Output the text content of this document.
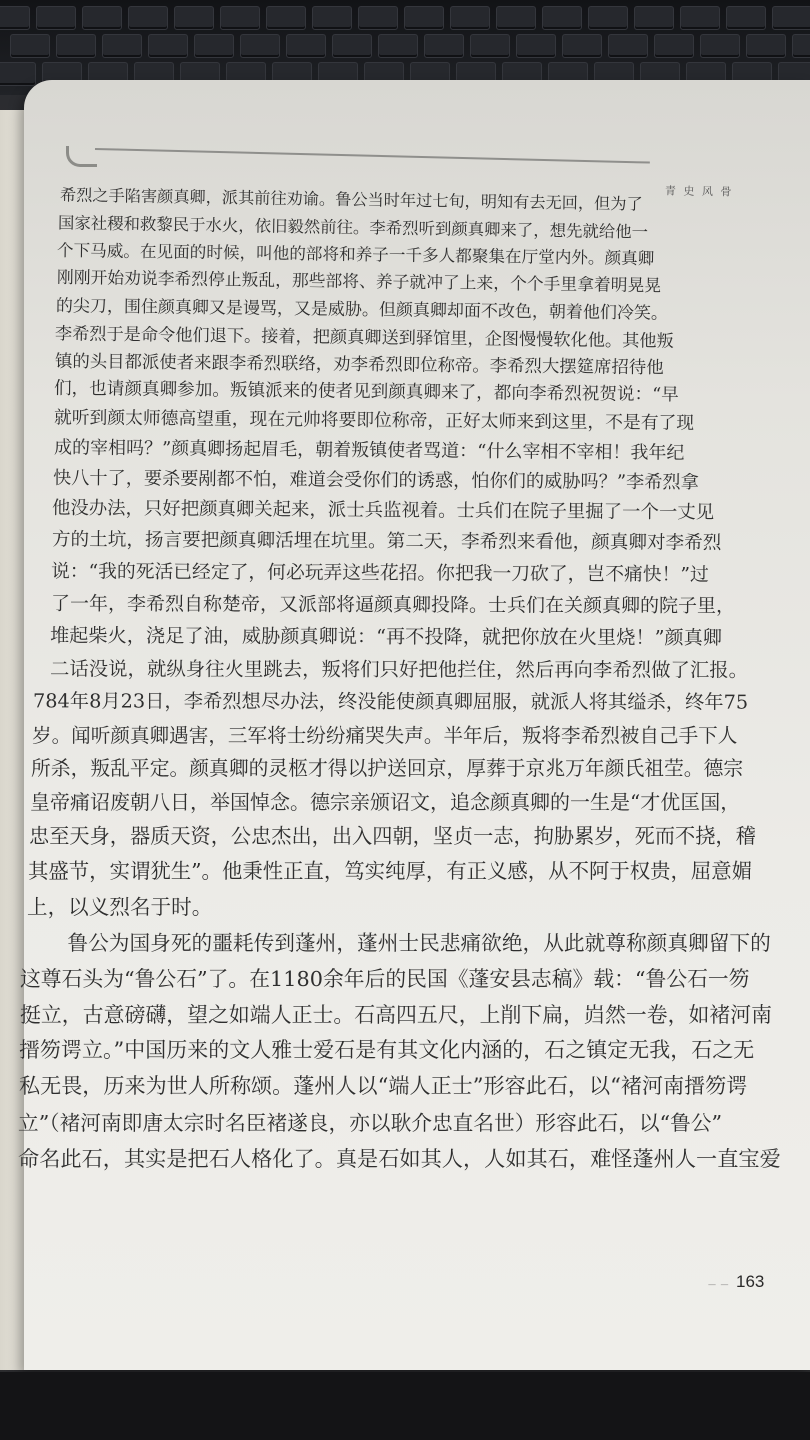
青 史 风 骨
希烈之手陷害颜真卿，派其前往劝谕。鲁公当时年过七旬，明知有去无回，但为了
国家社稷和救黎民于水火，依旧毅然前往。李希烈听到颜真卿来了，想先就给他一
个下马威。在见面的时候，叫他的部将和养子一千多人都聚集在厅堂内外。颜真卿
刚刚开始劝说李希烈停止叛乱，那些部将、养子就冲了上来，个个手里拿着明晃晃
的尖刀，围住颜真卿又是谩骂，又是威胁。但颜真卿却面不改色，朝着他们冷笑。
李希烈于是命令他们退下。接着，把颜真卿送到驿馆里，企图慢慢软化他。其他叛
镇的头目都派使者来跟李希烈联络，劝李希烈即位称帝。李希烈大摆筵席招待他
们，也请颜真卿参加。叛镇派来的使者见到颜真卿来了，都向李希烈祝贺说：“早
就听到颜太师德高望重，现在元帅将要即位称帝，正好太师来到这里，不是有了现
成的宰相吗？”颜真卿扬起眉毛，朝着叛镇使者骂道：“什么宰相不宰相！我年纪
快八十了，要杀要剐都不怕，难道会受你们的诱惑，怕你们的威胁吗？”李希烈拿
他没办法，只好把颜真卿关起来，派士兵监视着。士兵们在院子里掘了一个一丈见
方的土坑，扬言要把颜真卿活埋在坑里。第二天，李希烈来看他，颜真卿对李希烈
说：“我的死活已经定了，何必玩弄这些花招。你把我一刀砍了，岂不痛快！”过
了一年，李希烈自称楚帝，又派部将逼颜真卿投降。士兵们在关颜真卿的院子里，
堆起柴火，浇足了油，威胁颜真卿说：“再不投降，就把你放在火里烧！”颜真卿
二话没说，就纵身往火里跳去，叛将们只好把他拦住，然后再向李希烈做了汇报。
784年8月23日，李希烈想尽办法，终没能使颜真卿屈服，就派人将其缢杀，终年75
岁。闻听颜真卿遇害，三军将士纷纷痛哭失声。半年后，叛将李希烈被自己手下人
所杀，叛乱平定。颜真卿的灵柩才得以护送回京，厚葬于京兆万年颜氏祖茔。德宗
皇帝痛诏废朝八日，举国悼念。德宗亲颁诏文，追念颜真卿的一生是“才优匡国，
忠至天身，器质天资，公忠杰出，出入四朝，坚贞一志，拘胁累岁，死而不挠，稽
其盛节，实谓犹生”。他秉性正直，笃实纯厚，有正义感，从不阿于权贵，屈意媚
上，以义烈名于时。
　　鲁公为国身死的噩耗传到蓬州，蓬州士民悲痛欲绝，从此就尊称颜真卿留下的
这尊石头为“鲁公石”了。在1180余年后的民国《蓬安县志稿》载：“鲁公石一笏
挺立，古意磅礴，望之如端人正士。石高四五尺，上削下扁，岿然一卷，如褚河南
搢笏谔立。”中国历来的文人雅士爱石是有其文化内涵的，石之镇定无我，石之无
私无畏，历来为世人所称颂。蓬州人以“端人正士”形容此石，以“褚河南搢笏谔
立”（褚河南即唐太宗时名臣褚遂良，亦以耿介忠直名世）形容此石，以“鲁公”
命名此石，其实是把石人格化了。真是石如其人，人如其石，难怪蓬州人一直宝爱
— — 163
